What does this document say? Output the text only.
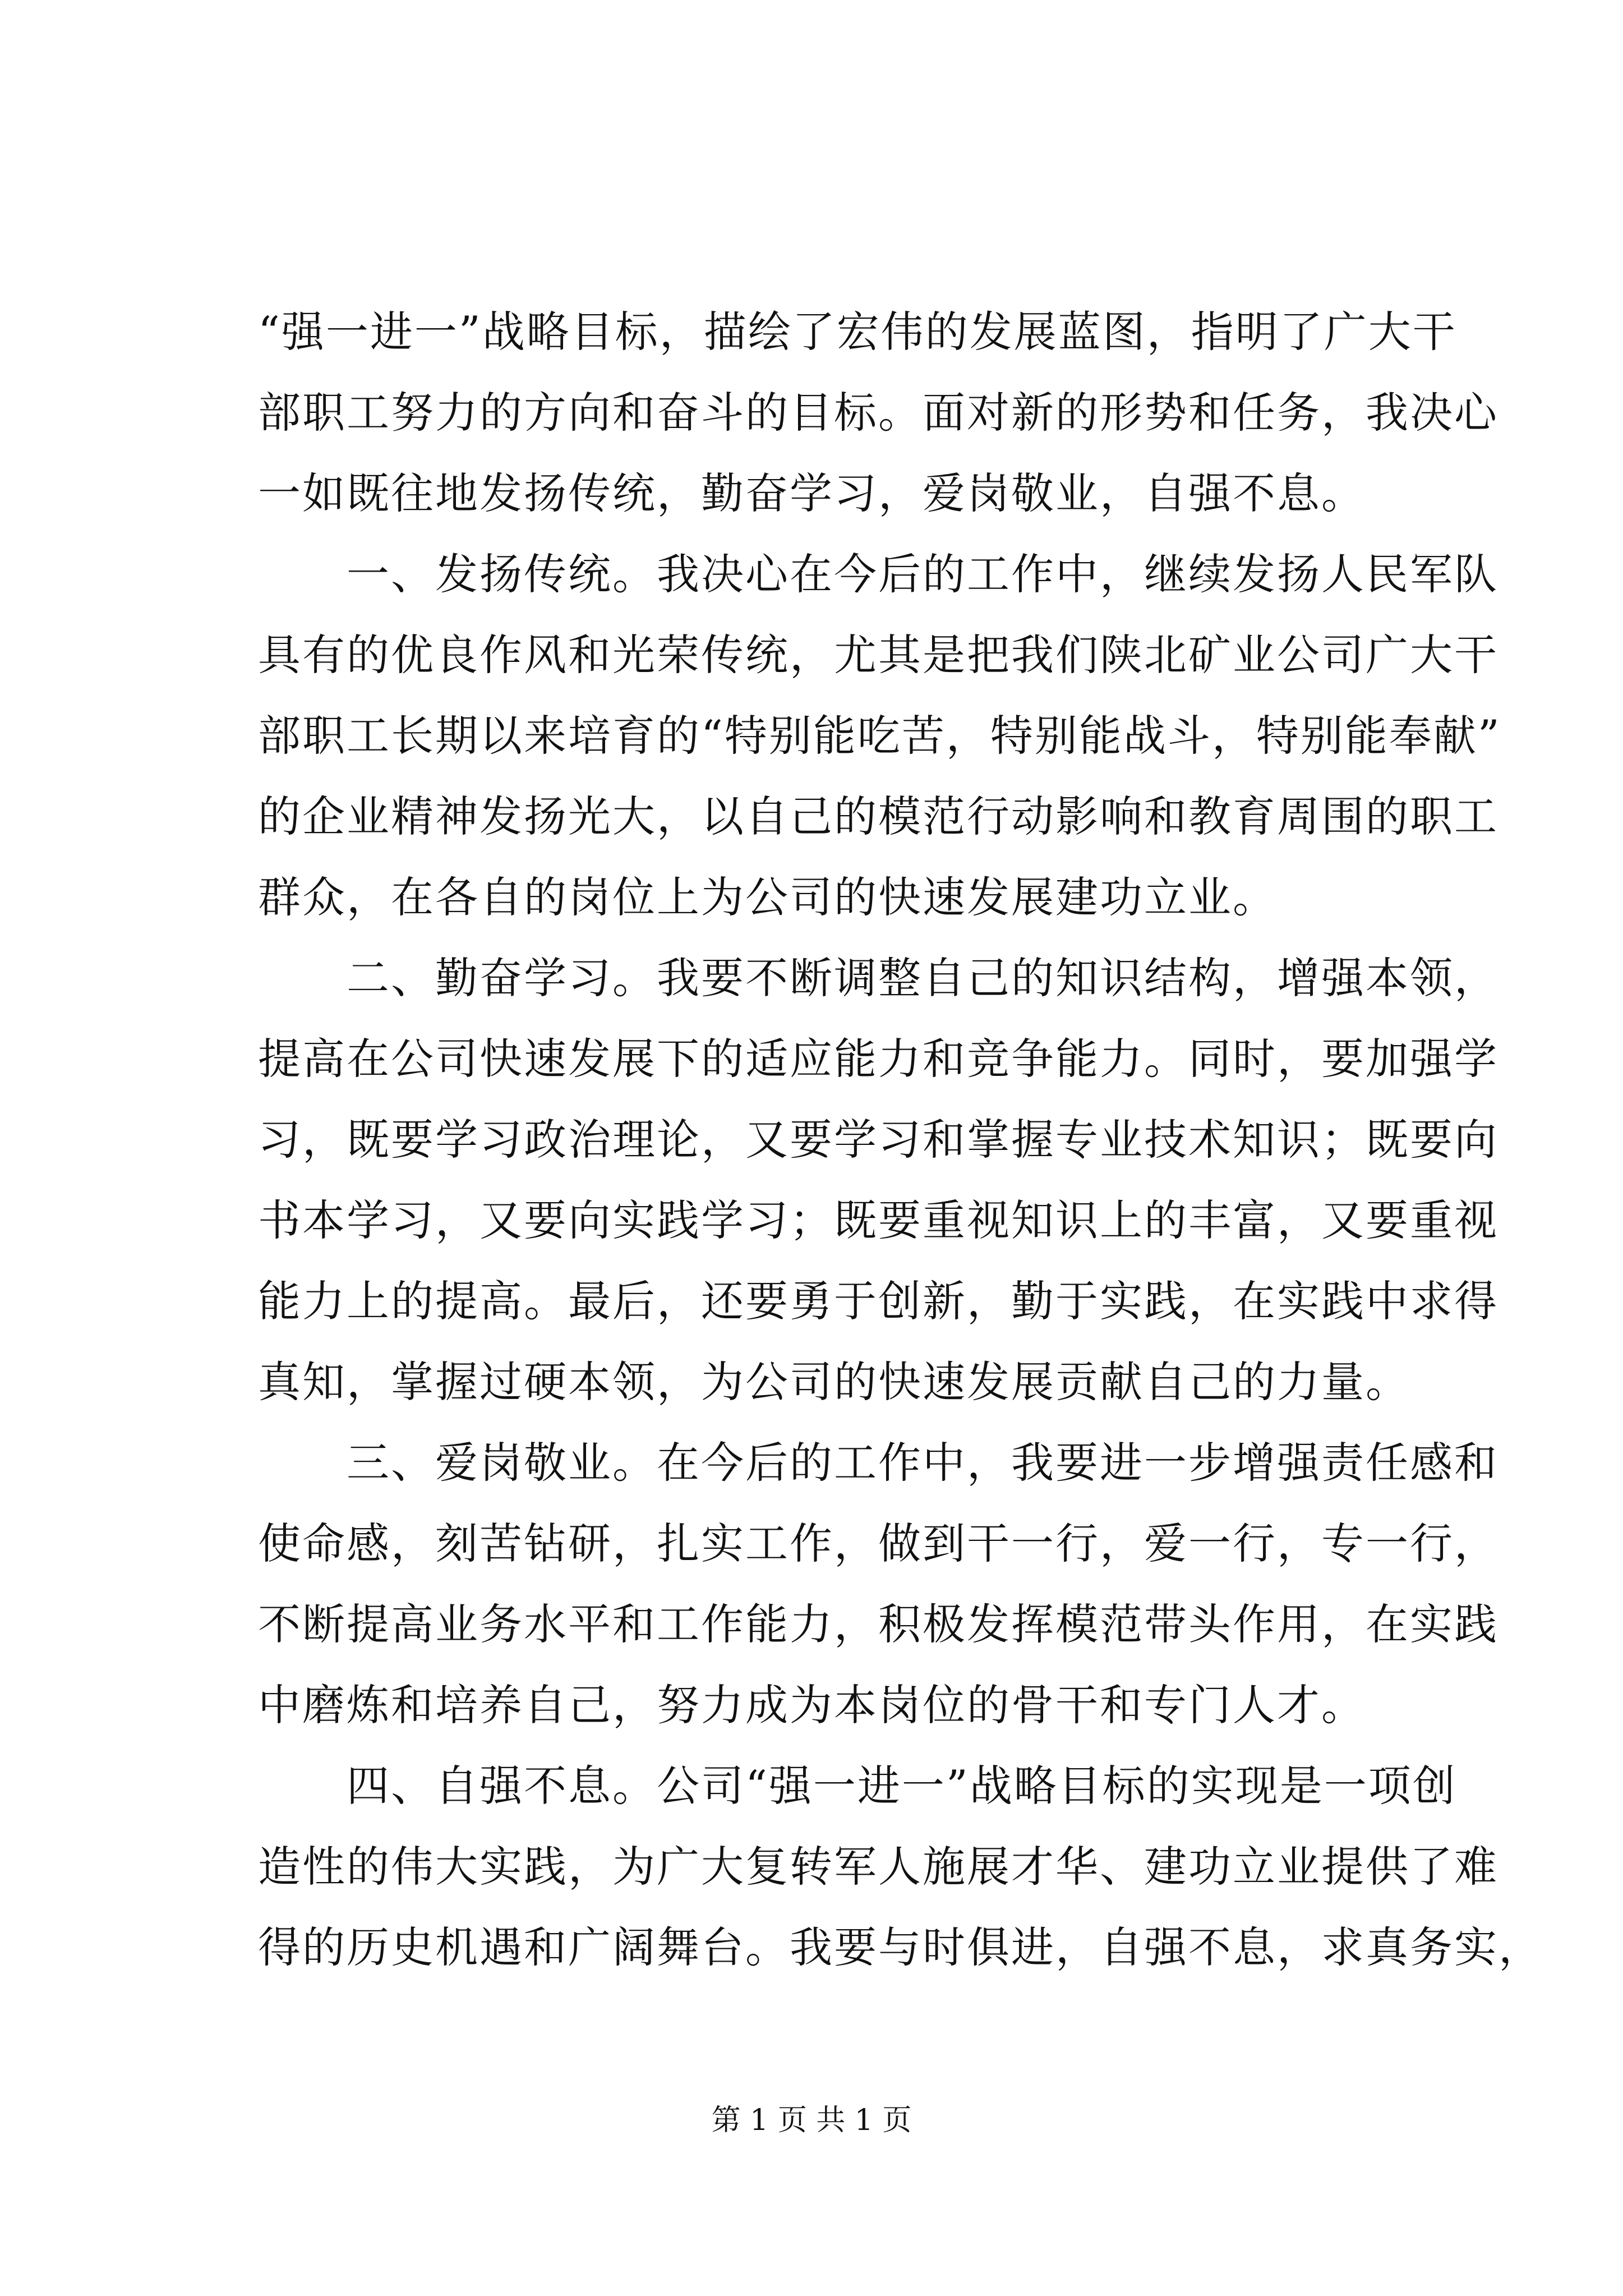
“强一进一”战略目标，描绘了宏伟的发展蓝图，指明了广大干
部职工努力的方向和奋斗的目标。面对新的形势和任务，我决心
一如既往地发扬传统，勤奋学习，爱岗敬业，自强不息。
　　一、发扬传统。我决心在今后的工作中，继续发扬人民军队
具有的优良作风和光荣传统，尤其是把我们陕北矿业公司广大干
部职工长期以来培育的“特别能吃苦，特别能战斗，特别能奉献”
的企业精神发扬光大，以自己的模范行动影响和教育周围的职工
群众，在各自的岗位上为公司的快速发展建功立业。
　　二、勤奋学习。我要不断调整自己的知识结构，增强本领，
提高在公司快速发展下的适应能力和竞争能力。同时，要加强学
习，既要学习政治理论，又要学习和掌握专业技术知识；既要向
书本学习，又要向实践学习；既要重视知识上的丰富，又要重视
能力上的提高。最后，还要勇于创新，勤于实践，在实践中求得
真知，掌握过硬本领，为公司的快速发展贡献自己的力量。
　　三、爱岗敬业。在今后的工作中，我要进一步增强责任感和
使命感，刻苦钻研，扎实工作，做到干一行，爱一行，专一行，
不断提高业务水平和工作能力，积极发挥模范带头作用，在实践
中磨炼和培养自己，努力成为本岗位的骨干和专门人才。
　　四、自强不息。公司“强一进一”战略目标的实现是一项创
造性的伟大实践，为广大复转军人施展才华、建功立业提供了难
得的历史机遇和广阔舞台。我要与时俱进，自强不息，求真务实，
第 1 页 共 1 页
